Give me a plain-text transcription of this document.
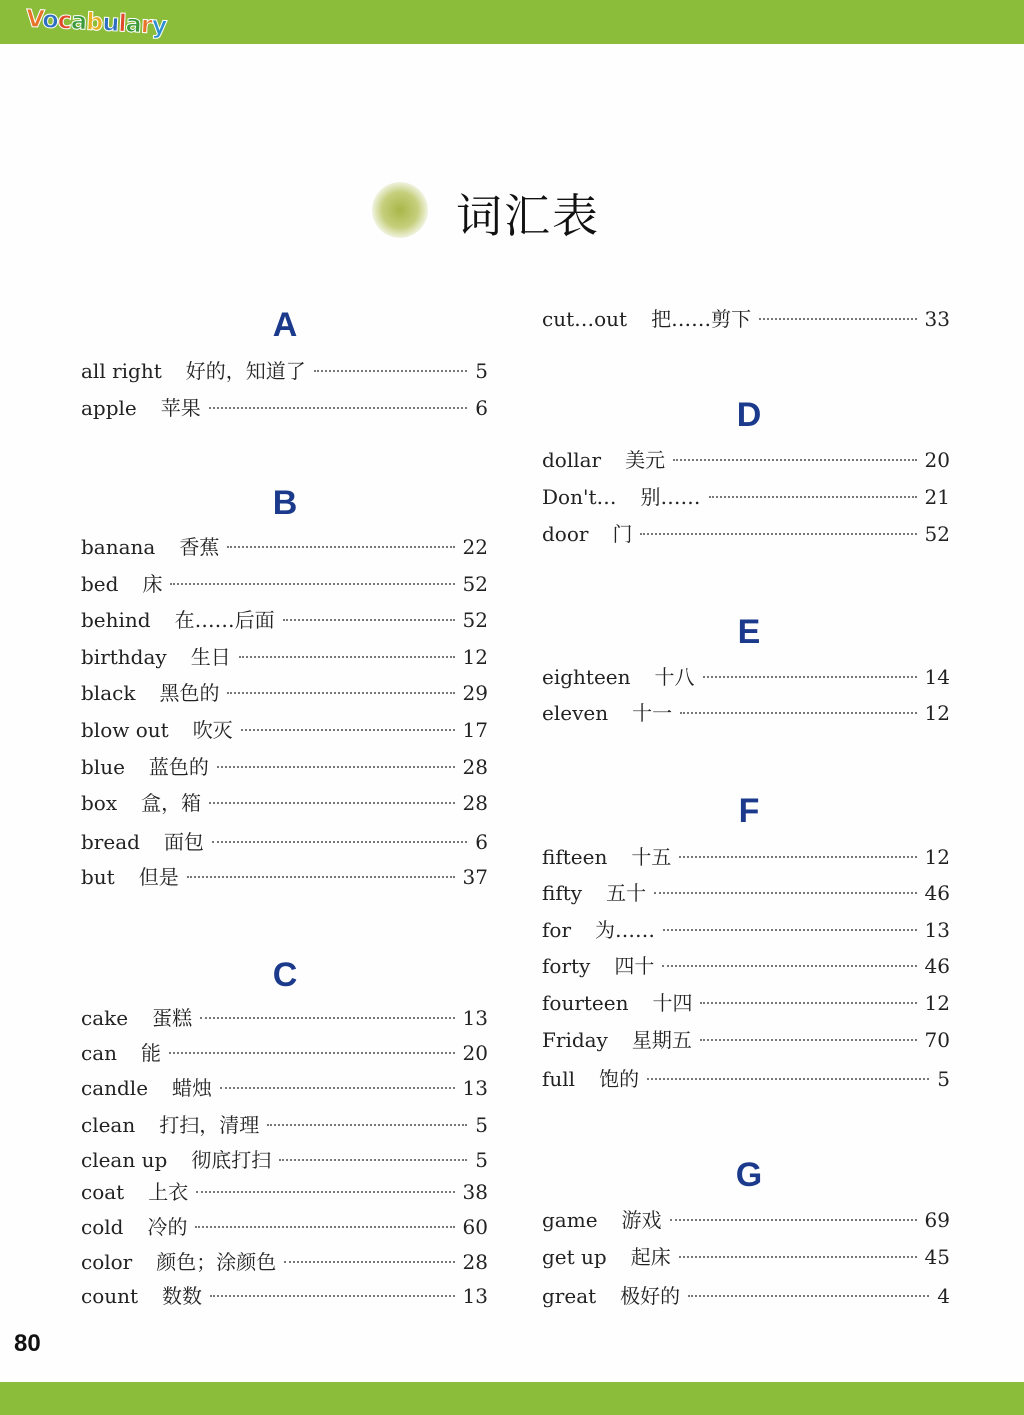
Vocabulary
词汇表
A
all right 好的，知道了	5
apple 苹果	6
B
banana 香蕉	22
bed 床	52
behind 在……后面	52
birthday 生日	12
black 黑色的	29
blow out 吹灭	17
blue 蓝色的	28
box 盒，箱	28
bread 面包	6
but 但是	37
C
cake 蛋糕	13
can 能	20
candle 蜡烛	13
clean 打扫，清理	5
clean up 彻底打扫	5
coat 上衣	38
cold 冷的	60
color 颜色；涂颜色	28
count 数数	13
cut…out 把……剪下	33
D
dollar 美元	20
Don't… 别……	21
door 门	52
E
eighteen 十八	14
eleven 十一	12
F
fifteen 十五	12
fifty 五十	46
for 为……	13
forty 四十	46
fourteen 十四	12
Friday 星期五	70
full 饱的	5
G
game 游戏	69
get up 起床	45
great 极好的	4
80
